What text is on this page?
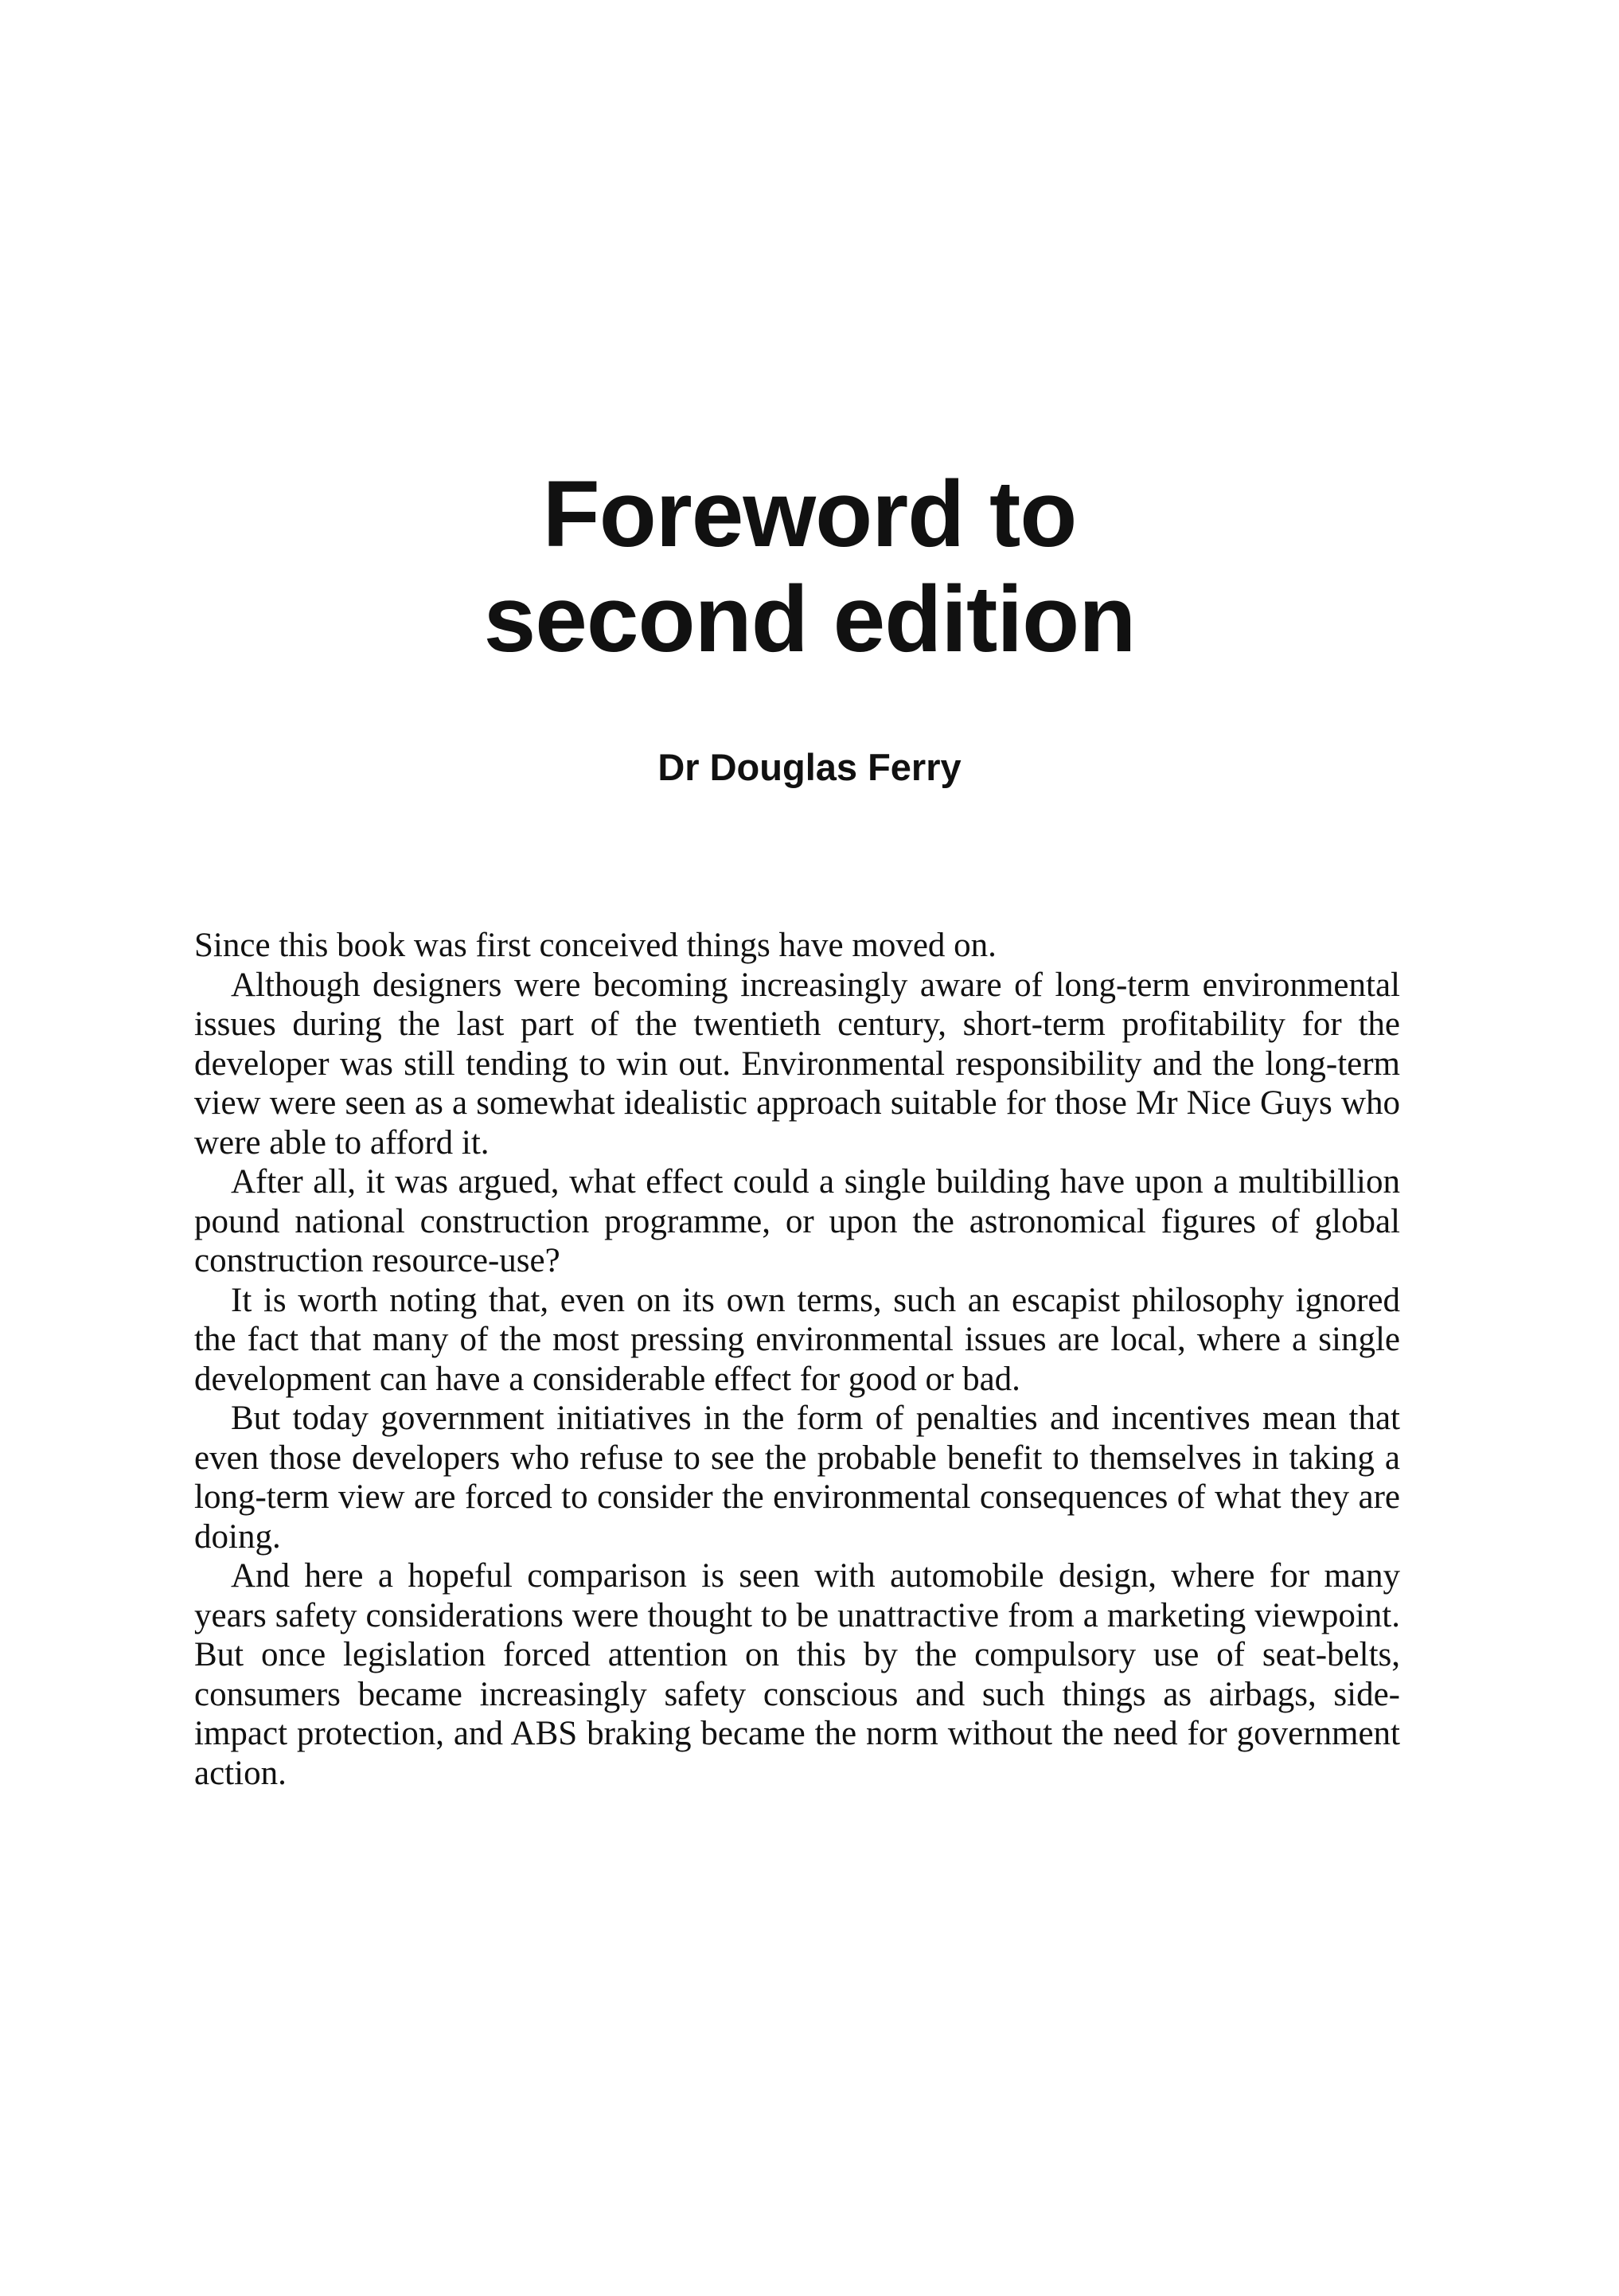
Foreword to
second edition
Dr Douglas Ferry

Since this book was first conceived things have moved on.

Although designers were becoming increasingly aware of long-term environmental issues during the last part of the twentieth century, short-term profitability for the developer was still tending to win out. Environmental responsibility and the long-term view were seen as a somewhat idealistic approach suitable for those Mr Nice Guys who were able to afford it.

After all, it was argued, what effect could a single building have upon a multibillion pound national construction programme, or upon the astronomical figures of global construction resource-use?

It is worth noting that, even on its own terms, such an escapist philosophy ignored the fact that many of the most pressing environmental issues are local, where a single development can have a considerable effect for good or bad.

But today government initiatives in the form of penalties and incentives mean that even those developers who refuse to see the probable benefit to themselves in taking a long-term view are forced to consider the environmental consequences of what they are doing.

And here a hopeful comparison is seen with automobile design, where for many years safety considerations were thought to be unattractive from a marketing viewpoint. But once legislation forced attention on this by the compulsory use of seat-belts, consumers became increasingly safety conscious and such things as airbags, side-impact protection, and ABS braking became the norm without the need for government action.
